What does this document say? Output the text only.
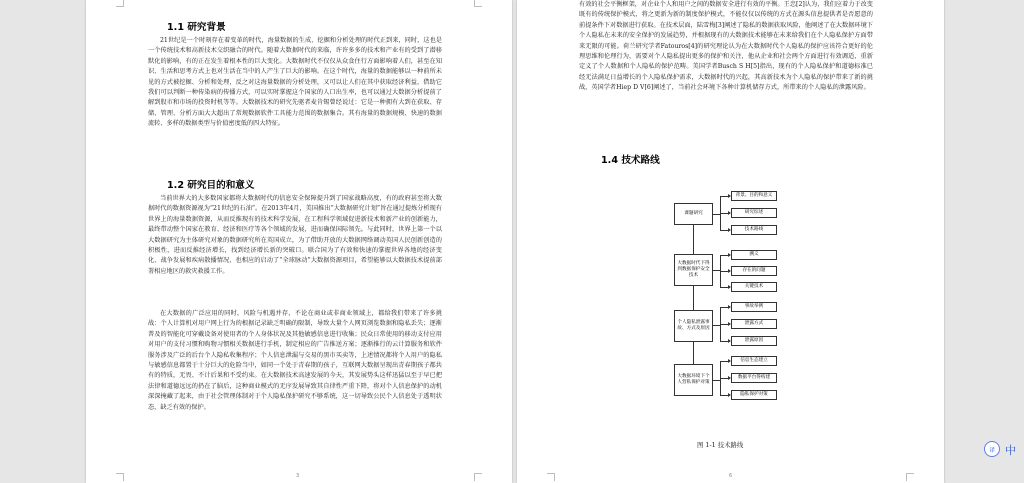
1.1 研究背景

21世纪是一个时刻存在着变革的时代，海量数据的生成、挖掘和分析处理的时代正到来，同时，这也是一个传统技术和高新技术交织融合的时代。随着大数据时代的来临，许许多多的技术和产业有的受到了潜移默化的影响，有的正在发生着根本性的巨大变化。大数据时代不仅仅从众食住行方面影响着人们，甚至在知识、生活和思考方式上也对生活在当中的人产生了巨大的影响。在这个时代，海量的数据能够以一种前所未见的方式被挖掘、分析和处理，反之对这海量数据的分析处理，又可以让人们在其中获取经济利益，借助它我们可以判断一种传染病的传播方式，可以实时掌握这个国家的人口出生率，也可以通过大数据分析提前了解到股市和市场的投资时机等等。大数据技术的研究先驱者麦肯锡曾经说过：它是一种拥有大到在获取、存储、管理、分析方面大大超出了常规数据软件工具能力范围的数据集合。其有海量的数据规模、快速的数据流转、多样的数据类型与价值密度低的四大特征。

1.2 研究目的和意义

当前世界大的大多数国家都将大数据时代的信息安全保障提升到了国家战略高度，有的政府甚至将大数据时代的数据资源视为“21世纪的石油”。在2013年4月，美国推出“大数据研究计划”旨在通过提炼分析现有世界上的海量数据资源，从而反推现有的技术科学发展，在工程科学领域促进新技术和新产业的创新能力，最终带动整个国家在教育、经济和医疗等各个领域的发展，进而确保国际领先。与此同时，世界上第一个以大数据研究为主体研究对象的数据研究所在英国成立，为了借助开放的大数据网络调动英国人民创新创造的积极性，进而反推经济增长，找到经济增长新的突破口。联合国为了有效和快速的掌握世界各地的经济变化、战争发展和疾病散播情况，也相应的启动了“全球脉动”大数据资源项目，希望能够以大数据技术提前部署相应地区的救灾救援工作。

在大数据的广泛应用的同时，风险与机遇并存，不论在商业或非商业领域上，都给我们带来了许多挑战：个人计算机对用户网上行为的根据记录缺乏明确的限制，导致大量个人网页浏览数据和隐私丢失；逐渐普及的智能化可穿戴设备对使用者的个人身体状况及其他敏感信息进行收集；民众日常使用的移动支付应用对用户的支付习惯和购物习惯相关数据进行手机，制定相应的广告推送方案；逐渐推行的云计算服务和软件服务涉及广泛的后台个人隐私收集程序；个人信息泄漏与交易的黑市买卖等，上述情况都将个人用户的隐私与敏感信息都置于十分巨大的危险当中，如同一个处于青春期的孩子，互联网大数据呈现出青春期孩子都共有的特质，无畏、不计后果和不受约束。在大数据技术高速发展的今天，其发展势头这样迅猛以至于早已把法律和道德远远的扔在了脑后，这种商业模式的无序发展导致其自律性严重下降，将对个人信息保护的动机深深掩藏了起来，由于社会管理体制对于个人隐私保护研究不够系统，这一切导致公民个人信息处于透明状态，缺乏有效的保护。

3

有效的社会平衡框架，对企业个人和用户之间的数据安全进行有效的平衡。王忠[2]认为，我们应着力于改变既有的传统保护模式，将之更新为新的制度保护模式，不能仅仅以传统的方式在源头信息提供者是否愿意的前提条件下对数据进行获取。在技术层面，陆雪梅[3]阐述了隐私的数据获取风险，他阐述了在大数据环境下个人隐私在未来的安全保护的发展趋势，并根据现有的大数据技术能够在未来给我们在个人隐私保护方面带来无限的可能。荷兰研究学者Fatouros[4]的研究理论认为在大数据时代个人隐私的保护应该符合更好的伦理思维和伦理行为，需要对个人隐私提出更多的保护和关注，他从企业和社会两个方面进行有效调适，重新定义了个人数据和个人隐私的保护范畴。美国学者Busch S H[5]指出，现有的个人隐私保护和道德标准已经无法满足日益增长的个人隐私保护需求，大数据时代的兴起，其高新技术为个人隐私的保护带来了新的挑战，英国学者Hiep D V[6]阐述了，当前社会环境下各种计算机储存方式，所带来的个人隐私的泄露风险。

1.4 技术路线
课题研究
背景、目的和意义
研究综述
技术路线
大数据时代下得到数据保护安全技术
溯义
存在的问题
关键技术
个人隐私泄露事故、方式及原因
事故举例
泄露方式
泄露原因
大数据环境下个人营私保护对策
信息生态建立
数据平台得构建
隐私保护对策
图 1-1 技术路线
6
译 中
